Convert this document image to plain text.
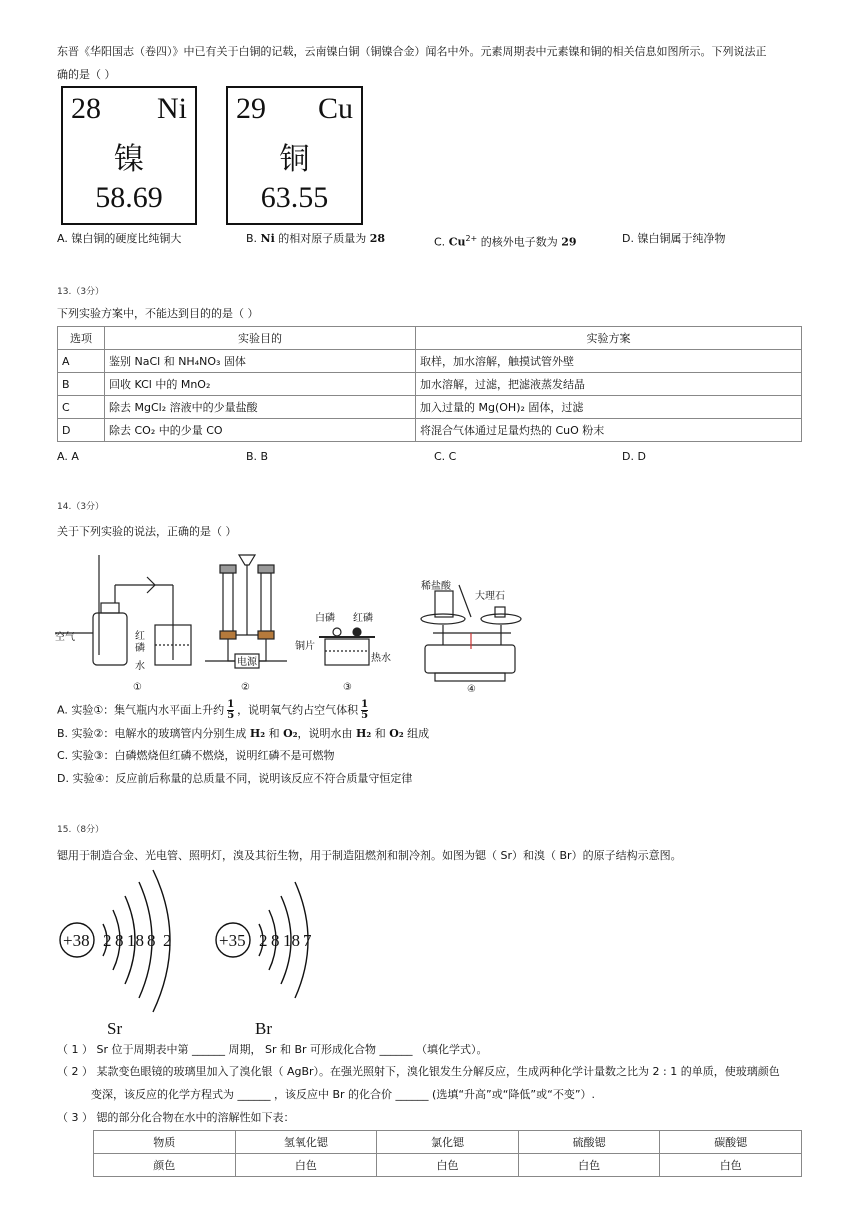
东晋《华阳国志（卷四）》中已有关于白铜的记载，云南镍白铜（铜镍合金）闻名中外。元素周期表中元素镍和铜的相关信息如图所示。下列说法正
确的是（ ）
28 Ni
镍
58.69
29 Cu
铜
63.55
A. 镍白铜的硬度比纯铜大	B. Ni 的相对原子质量为 28	C. $Cu^{2+}$ 的核外电子数为 29	D. 镍白铜属于纯净物
13.（3分）
下列实验方案中，不能达到目的的是（ ）
选项	实验目的	实验方案
A	鉴别 NaCl 和 NH₄NO₃ 固体	取样，加水溶解，触摸试管外壁
B	回收 KCl 中的 MnO₂	加水溶解，过滤，把滤液蒸发结晶
C	除去 MgCl₂ 溶液中的少量盐酸	加入过量的 Mg(OH)₂ 固体，过滤
D	除去 CO₂ 中的少量 CO	将混合气体通过足量灼热的 CuO 粉末
A. A	B. B	C. C	D. D
14.（3分）
关于下列实验的说法，正确的是（ ）
空气	红
磷
水
①
电源
②
白磷 红磷
铜片
热水
③
稀盐酸
大理石
④
A. 实验①：集气瓶内水平面上升约 $\frac{1}{5}$ ，说明氧气约占空气体积 $\frac{1}{5}$
B. 实验②：电解水的玻璃管内分别生成 H₂ 和 O₂，说明水由 H₂ 和 O₂ 组成
C. 实验③：白磷燃烧但红磷不燃烧，说明红磷不是可燃物
D. 实验④：反应前后称量的总质量不同，说明该反应不符合质量守恒定律
15.（8分）
锶用于制造合金、光电管、照明灯，溴及其衍生物，用于制造阻燃剂和制冷剂。如图为锶（ Sr）和溴（ Br）的原子结构示意图。
+38 2 8 18 8 2	+35 2 8 18 7
Sr	Br
（ 1 ） Sr 位于周期表中第 ______ 周期， Sr 和 Br 可形成化合物 ______ （填化学式）。
（ 2 ） 某款变色眼镜的玻璃里加入了溴化银（ AgBr）。在强光照射下，溴化银发生分解反应，生成两种化学计量数之比为 2 : 1 的单质，使玻璃颜色
变深，该反应的化学方程式为 ______ ，该反应中 Br 的化合价 ______ (选填“升高”或“降低”或“不变”）.
（ 3 ） 锶的部分化合物在水中的溶解性如下表：
物质	氢氧化锶	氯化锶	硫酸锶	碳酸锶
颜色	白色	白色	白色	白色
